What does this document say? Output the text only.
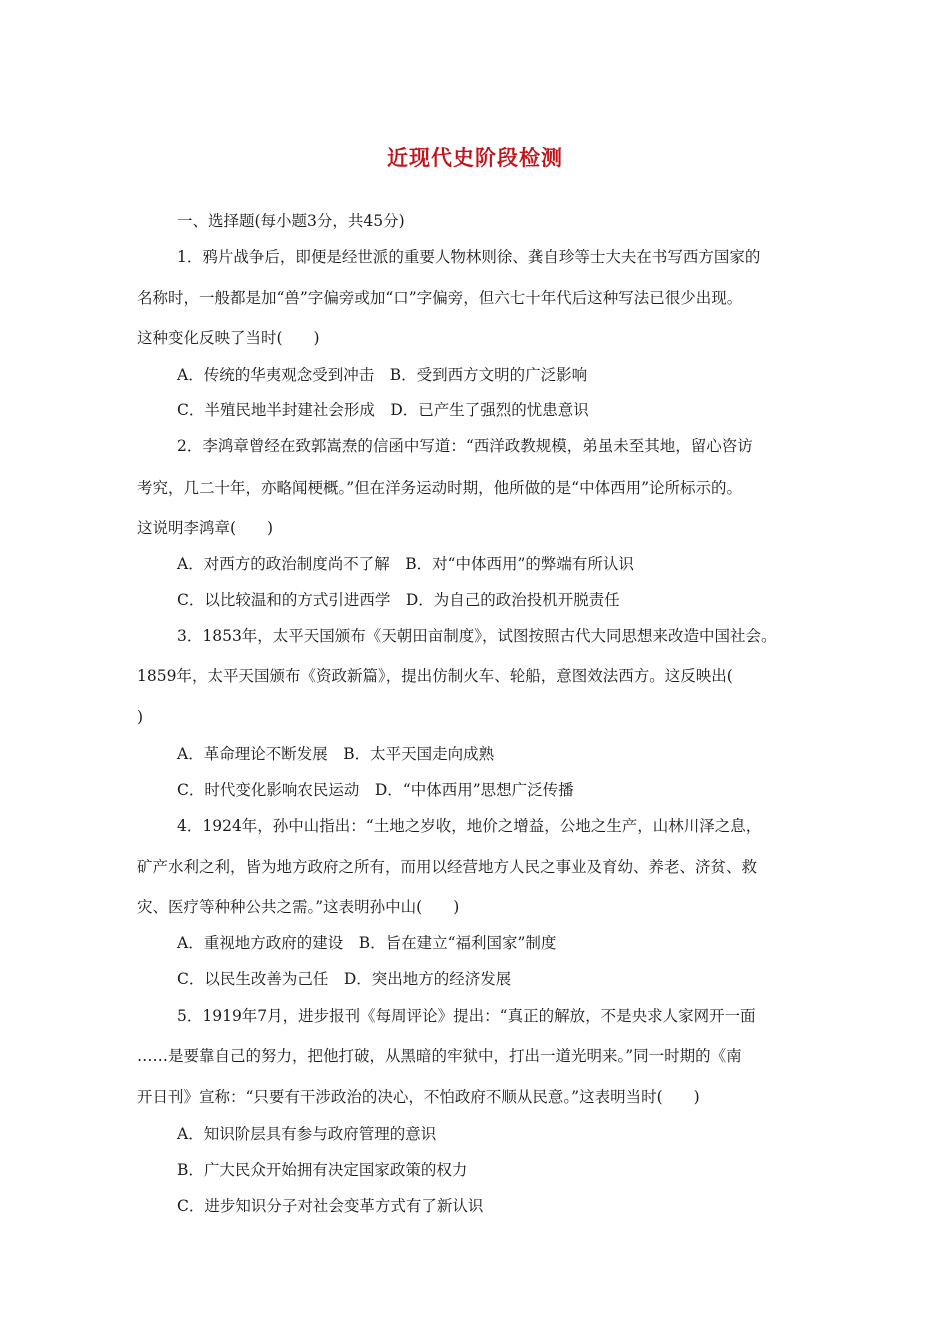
近现代史阶段检测
一、选择题(每小题3分，共45分)
1．鸦片战争后，即便是经世派的重要人物林则徐、龚自珍等士大夫在书写西方国家的
名称时，一般都是加“兽”字偏旁或加“口”字偏旁，但六七十年代后这种写法已很少出现。
这种变化反映了当时(　　)
A．传统的华夷观念受到冲击　B．受到西方文明的广泛影响
C．半殖民地半封建社会形成　D．已产生了强烈的忧患意识
2．李鸿章曾经在致郭嵩焘的信函中写道：“西洋政教规模，弟虽未至其地，留心咨访
考究，几二十年，亦略闻梗概。”但在洋务运动时期，他所做的是“中体西用”论所标示的。
这说明李鸿章(　　)
A．对西方的政治制度尚不了解　B．对“中体西用”的弊端有所认识
C．以比较温和的方式引进西学　D．为自己的政治投机开脱责任
3．1853年，太平天国颁布《天朝田亩制度》，试图按照古代大同思想来改造中国社会。
1859年，太平天国颁布《资政新篇》，提出仿制火车、轮船，意图效法西方。这反映出(
)
A．革命理论不断发展　B．太平天国走向成熟
C．时代变化影响农民运动　D．“中体西用”思想广泛传播
4．1924年，孙中山指出：“土地之岁收，地价之增益，公地之生产，山林川泽之息，
矿产水利之利，皆为地方政府之所有，而用以经营地方人民之事业及育幼、养老、济贫、救
灾、医疗等种种公共之需。”这表明孙中山(　　)
A．重视地方政府的建设　B．旨在建立“福利国家”制度
C．以民生改善为己任　D．突出地方的经济发展
5．1919年7月，进步报刊《每周评论》提出：“真正的解放，不是央求人家网开一面
……是要靠自己的努力，把他打破，从黑暗的牢狱中，打出一道光明来。”同一时期的《南
开日刊》宣称：“只要有干涉政治的决心，不怕政府不顺从民意。”这表明当时(　　)
A．知识阶层具有参与政府管理的意识
B．广大民众开始拥有决定国家政策的权力
C．进步知识分子对社会变革方式有了新认识
